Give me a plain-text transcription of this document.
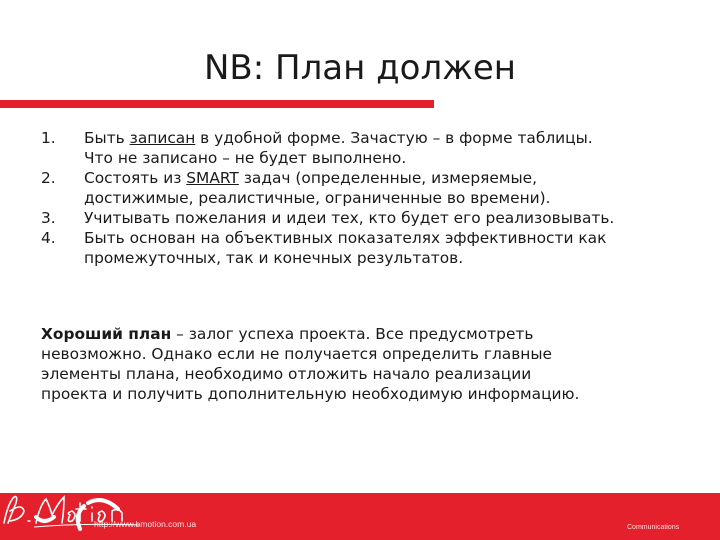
NB: План должен
1. Быть записан в удобной форме. Зачастую – в форме таблицы.
Что не записано – не будет выполнено.
2. Состоять из SMART задач (определенные, измеряемые,
достижимые, реалистичные, ограниченные во времени).
3. Учитывать пожелания и идеи тех, кто будет его реализовывать.
4. Быть основан на объективных показателях эффективности как
промежуточных, так и конечных результатов.

Хороший план – залог успеха проекта. Все предусмотреть
невозможно. Однако если не получается определить главные
элементы плана, необходимо отложить начало реализации
проекта и получить дополнительную необходимую информацию.

http://www.bmotion.com.ua	Communications
